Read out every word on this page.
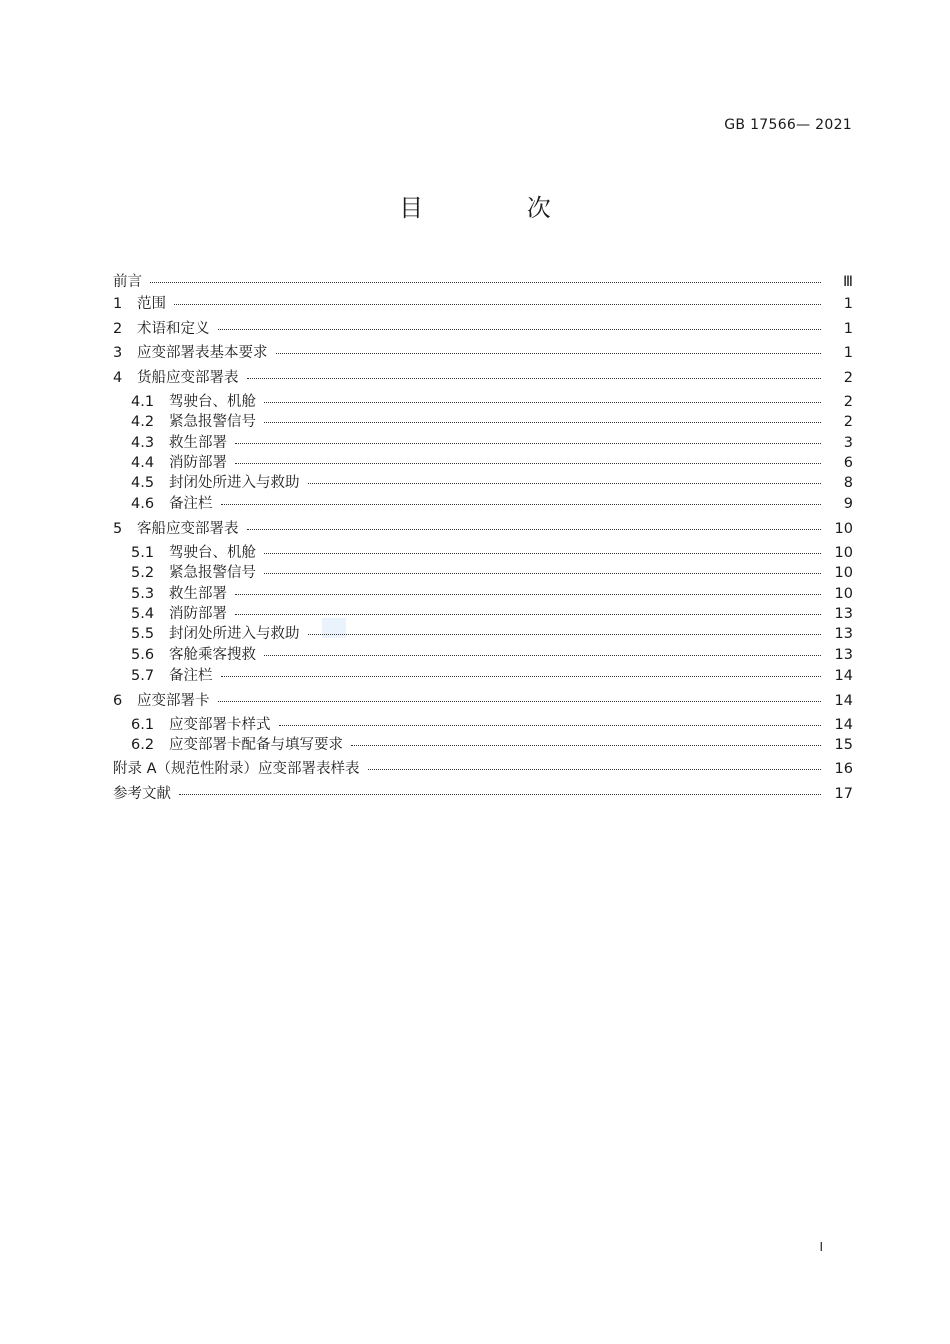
GB 17566— 2021
目 次
前言	Ⅲ
1	范围	1
2	术语和定义	1
3	应变部署表基本要求	1
4	货船应变部署表	2
4.1	驾驶台、机舱	2
4.2	紧急报警信号	2
4.3	救生部署	3
4.4	消防部署	6
4.5	封闭处所进入与救助	8
4.6	备注栏	9
5	客船应变部署表	10
5.1	驾驶台、机舱	10
5.2	紧急报警信号	10
5.3	救生部署	10
5.4	消防部署	13
5.5	封闭处所进入与救助	13
5.6	客舱乘客搜救	13
5.7	备注栏	14
6	应变部署卡	14
6.1	应变部署卡样式	14
6.2	应变部署卡配备与填写要求	15
附录 A（规范性附录）应变部署表样表	16
参考文献	17
Ⅰ
